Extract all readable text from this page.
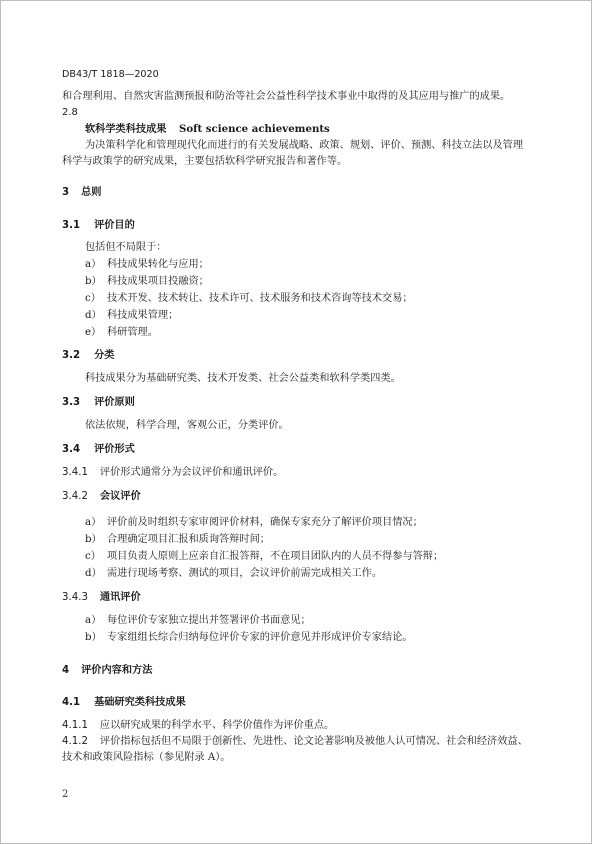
DB43/T 1818—2020
和合理利用、自然灾害监测预报和防治等社会公益性科学技术事业中取得的及其应用与推广的成果。
2.8
软科学类科技成果 Soft science achievements
为决策科学化和管理现代化而进行的有关发展战略、政策、规划、评价、预测、科技立法以及管理
科学与政策学的研究成果，主要包括软科学研究报告和著作等。
3 总则
3.1 评价目的
包括但不局限于：
a） 科技成果转化与应用；
b） 科技成果项目投融资；
c） 技术开发、技术转让、技术许可、技术服务和技术咨询等技术交易；
d） 科技成果管理；
e） 科研管理。
3.2 分类
科技成果分为基础研究类、技术开发类、社会公益类和软科学类四类。
3.3 评价原则
依法依规，科学合理，客观公正，分类评价。
3.4 评价形式
3.4.1 评价形式通常分为会议评价和通讯评价。
3.4.2 会议评价
a） 评价前及时组织专家审阅评价材料，确保专家充分了解评价项目情况；
b） 合理确定项目汇报和质询答辩时间；
c） 项目负责人原则上应亲自汇报答辩，不在项目团队内的人员不得参与答辩；
d） 需进行现场考察、测试的项目，会议评价前需完成相关工作。
3.4.3 通讯评价
a） 每位评价专家独立提出并签署评价书面意见；
b） 专家组组长综合归纳每位评价专家的评价意见并形成评价专家结论。
4 评价内容和方法
4.1 基础研究类科技成果
4.1.1 应以研究成果的科学水平、科学价值作为评价重点。
4.1.2 评价指标包括但不局限于创新性、先进性、论文论著影响及被他人认可情况、社会和经济效益、
技术和政策风险指标（参见附录 A）。
2
